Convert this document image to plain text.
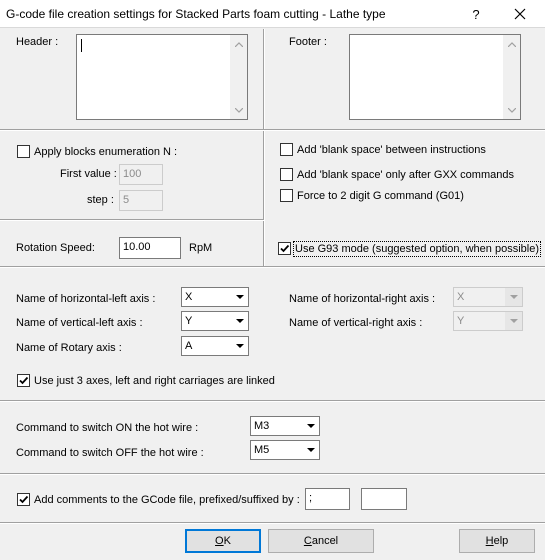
G-code file creation settings for Stacked Parts foam cutting - Lathe type	?
Header :	Footer :
Apply blocks enumeration N :
First value : 100
step : 5
Add 'blank space' between instructions
Add 'blank space' only after GXX commands
Force to 2 digit G command (G01)
Rotation Speed:	10.00	RpM	Use G93 mode (suggested option, when possible)
Name of horizontal-left axis :	X
Name of vertical-left axis :	Y
Name of Rotary axis :	A
Name of horizontal-right axis : X
Name of vertical-right axis :	Y
Use just 3 axes, left and right carriages are linked
Command to switch ON the hot wire :	M3
Command to switch OFF the hot wire :	M5
Add comments to the GCode file, prefixed/suffixed by : ;
OK	Cancel	Help
